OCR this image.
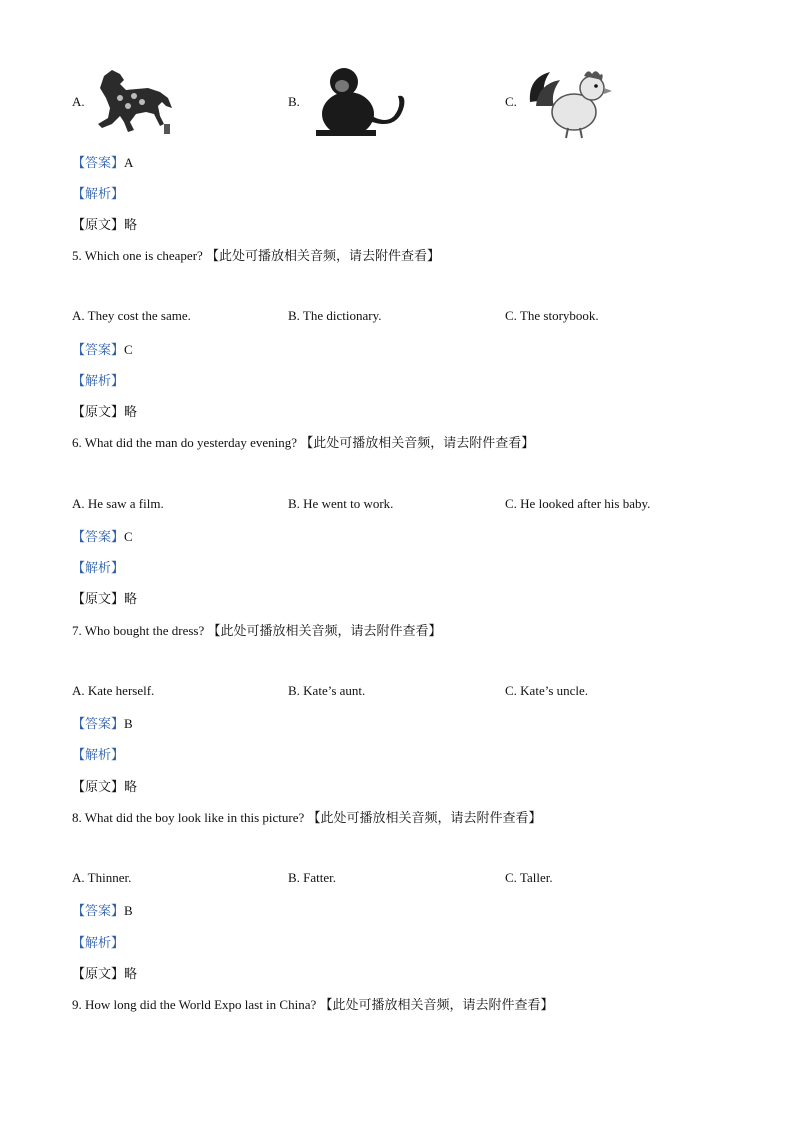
A.	B.	C.
【答案】A
【解析】
【原文】略
5. Which one is cheaper? 【此处可播放相关音频，请去附件查看】
A. They cost the same.	B. The dictionary.	C. The storybook.
【答案】C
【解析】
【原文】略
6. What did the man do yesterday evening? 【此处可播放相关音频，请去附件查看】
A. He saw a film.	B. He went to work.	C. He looked after his baby.
【答案】C
【解析】
【原文】略
7. Who bought the dress? 【此处可播放相关音频，请去附件查看】
A. Kate herself.	B. Kate’s aunt.	C. Kate’s uncle.
【答案】B
【解析】
【原文】略
8. What did the boy look like in this picture? 【此处可播放相关音频，请去附件查看】
A. Thinner.	B. Fatter.	C. Taller.
【答案】B
【解析】
【原文】略
9. How long did the World Expo last in China? 【此处可播放相关音频，请去附件查看】
